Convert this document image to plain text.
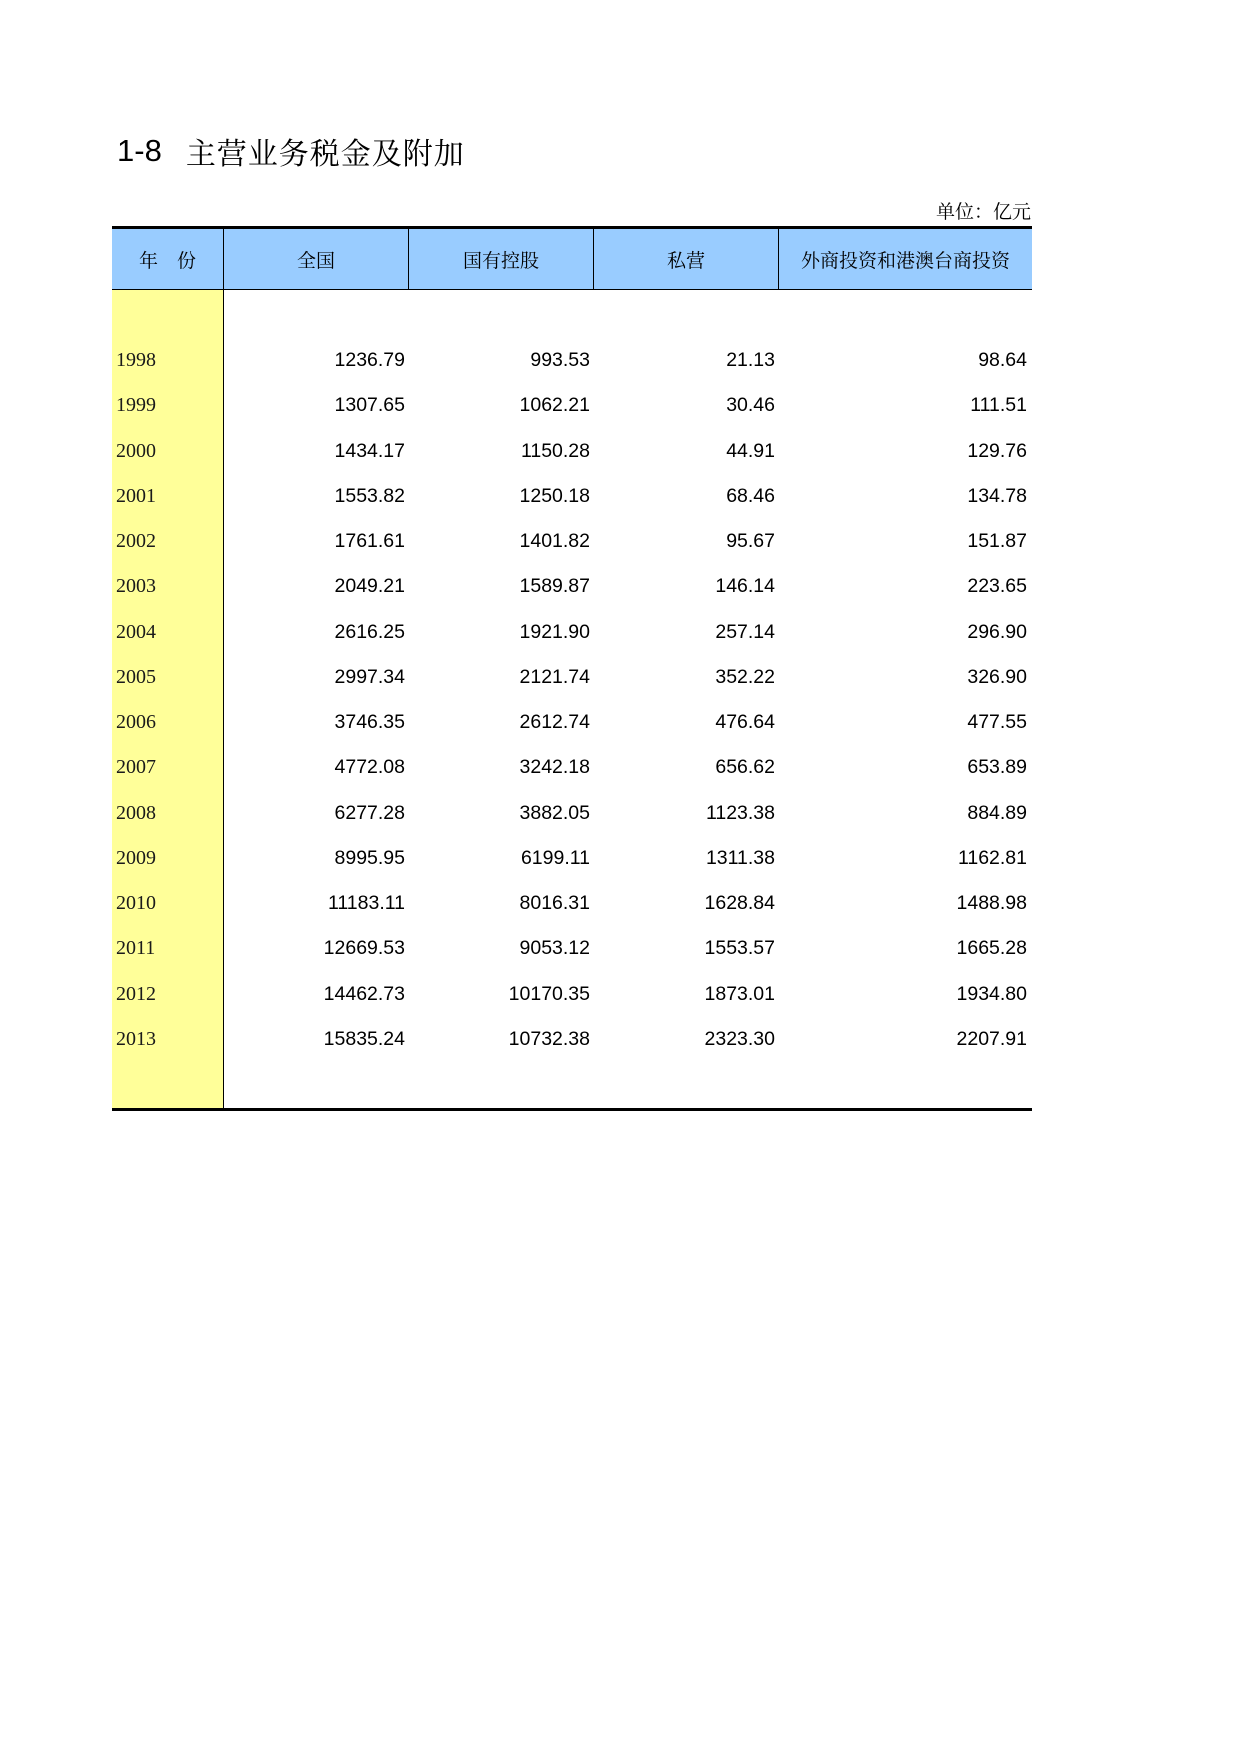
1-8 主营业务税金及附加
单位：亿元
年　份	全国	国有控股	私营	外商投资和港澳台商投资
1998	1236.79	993.53	21.13	98.64
1999	1307.65	1062.21	30.46	111.51
2000	1434.17	1150.28	44.91	129.76
2001	1553.82	1250.18	68.46	134.78
2002	1761.61	1401.82	95.67	151.87
2003	2049.21	1589.87	146.14	223.65
2004	2616.25	1921.90	257.14	296.90
2005	2997.34	2121.74	352.22	326.90
2006	3746.35	2612.74	476.64	477.55
2007	4772.08	3242.18	656.62	653.89
2008	6277.28	3882.05	1123.38	884.89
2009	8995.95	6199.11	1311.38	1162.81
2010	11183.11	8016.31	1628.84	1488.98
2011	12669.53	9053.12	1553.57	1665.28
2012	14462.73	10170.35	1873.01	1934.80
2013	15835.24	10732.38	2323.30	2207.91
